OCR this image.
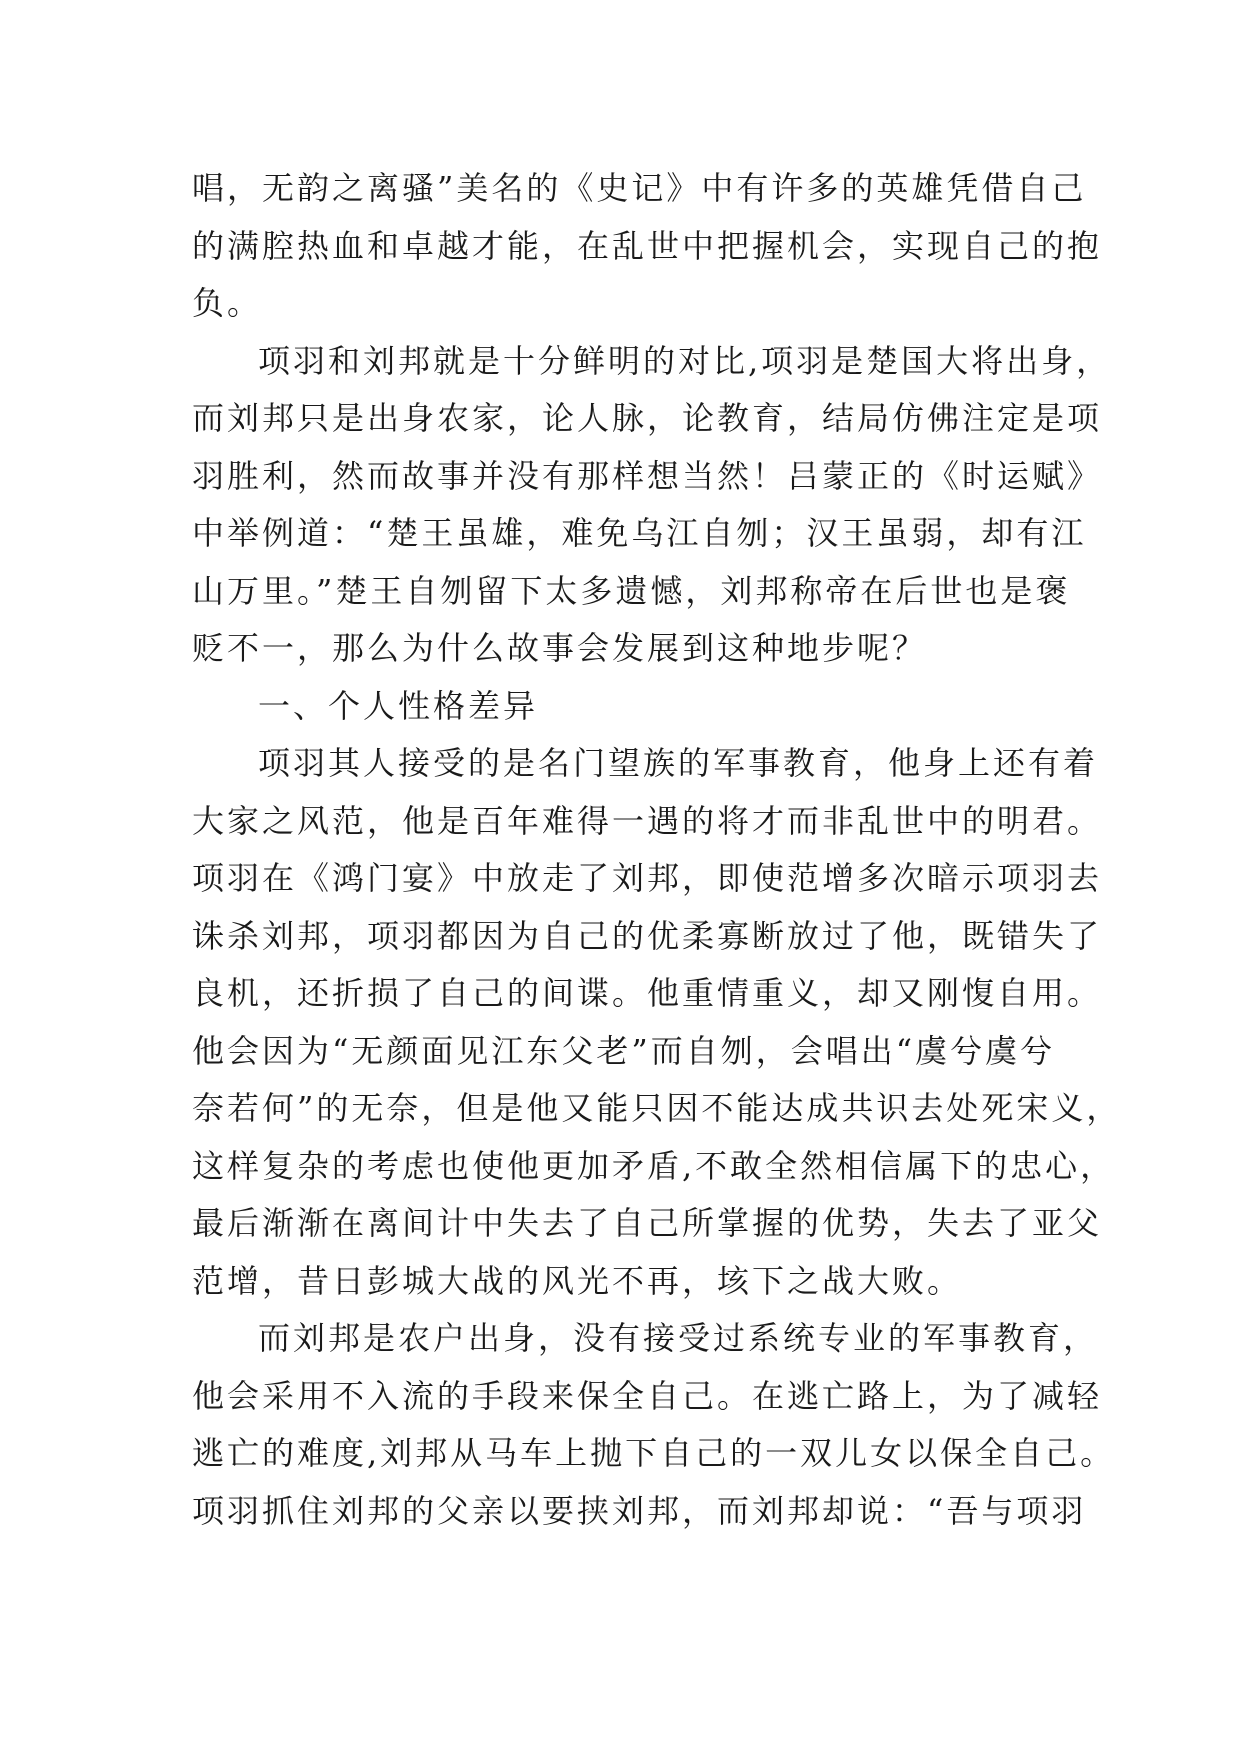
唱，无韵之离骚”美名的《史记》中有许多的英雄凭借自己
的满腔热血和卓越才能，在乱世中把握机会，实现自己的抱
负。
项羽和刘邦就是十分鲜明的对比,项羽是楚国大将出身，
而刘邦只是出身农家，论人脉，论教育，结局仿佛注定是项
羽胜利，然而故事并没有那样想当然！吕蒙正的《时运赋》
中举例道：“楚王虽雄，难免乌江自刎；汉王虽弱，却有江
山万里。”楚王自刎留下太多遗憾，刘邦称帝在后世也是褒
贬不一，那么为什么故事会发展到这种地步呢？
一、个人性格差异
项羽其人接受的是名门望族的军事教育，他身上还有着
大家之风范，他是百年难得一遇的将才而非乱世中的明君。
项羽在《鸿门宴》中放走了刘邦，即使范增多次暗示项羽去
诛杀刘邦，项羽都因为自己的优柔寡断放过了他，既错失了
良机，还折损了自己的间谍。他重情重义，却又刚愎自用。
他会因为“无颜面见江东父老”而自刎，会唱出“虞兮虞兮
奈若何”的无奈，但是他又能只因不能达成共识去处死宋义，
这样复杂的考虑也使他更加矛盾,不敢全然相信属下的忠心，
最后渐渐在离间计中失去了自己所掌握的优势，失去了亚父
范增，昔日彭城大战的风光不再，垓下之战大败。
而刘邦是农户出身，没有接受过系统专业的军事教育，
他会采用不入流的手段来保全自己。在逃亡路上，为了减轻
逃亡的难度,刘邦从马车上抛下自己的一双儿女以保全自己。
项羽抓住刘邦的父亲以要挟刘邦，而刘邦却说：“吾与项羽
